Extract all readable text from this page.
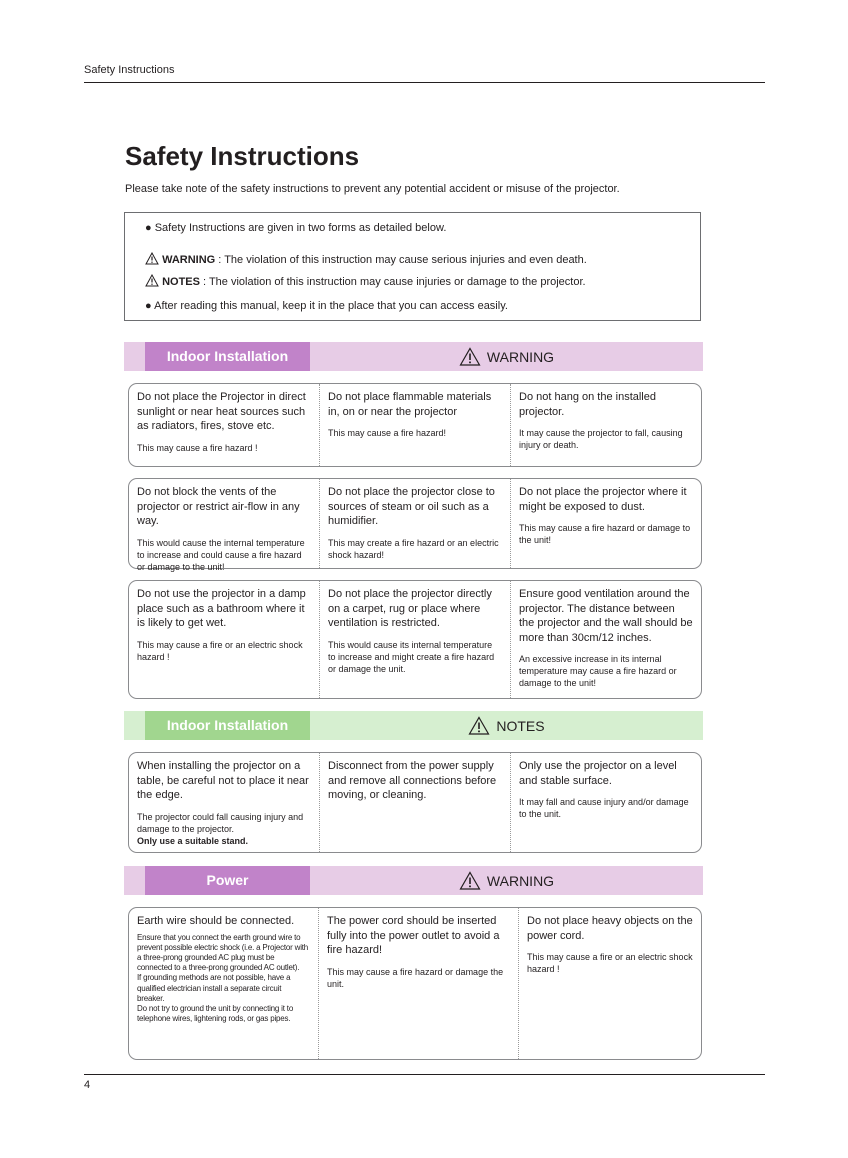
Safety Instructions
Safety Instructions
Please take note of the safety instructions to prevent any potential accident or misuse of the projector.
● Safety Instructions are given in two forms as detailed below.
WARNING : The violation of this instruction may cause serious injuries and even death.
NOTES : The violation of this instruction may cause injuries or damage to the projector.
● After reading this manual, keep it in the place that you can access easily.
Indoor Installation	WARNING

Do not place the Projector in direct sunlight or near heat sources such as radiators, fires, stove etc.

This may cause a fire hazard !

Do not place flammable materials in, on or near the projector

This may cause a fire hazard!

Do not hang on the installed projector.

It may cause the projector to fall, causing injury or death.

Do not block the vents of the projector or restrict air-flow in any way.

This would cause the internal temperature to increase and could cause a fire hazard or damage to the unit!

Do not place the projector close to sources of steam or oil such as a humidifier.

This may create a fire hazard or an electric shock hazard!

Do not place the projector where it might be exposed to dust.

This may cause a fire hazard or damage to the unit!

Do not use the projector in a damp place such as a bathroom where it is likely to get wet.

This may cause a fire or an electric shock hazard !

Do not place the projector directly on a carpet, rug or place where ventilation is restricted.

This would cause its internal temperature to increase and might create a fire hazard or damage the unit.

Ensure good ventilation around the projector. The distance between the projector and the wall should be more than 30cm/12 inches.

An excessive increase in its internal temperature may cause a fire hazard or damage to the unit!

Indoor Installation	NOTES

When installing the projector on a table, be careful not to place it near the edge.

The projector could fall causing injury and damage to the projector.

Only use a suitable stand.

Disconnect from the power supply and remove all connections before moving, or cleaning.

Only use the projector on a level and stable surface.

It may fall and cause injury and/or damage to the unit.

Power	WARNING

Earth wire should be connected.

Ensure that you connect the earth ground wire to prevent possible electric shock (i.e. a Projector with a three-prong grounded AC plug must be connected to a three-prong grounded AC outlet).
If grounding methods are not possible, have a qualified electrician install a separate circuit breaker.
Do not try to ground the unit by connecting it to telephone wires, lightening rods, or gas pipes.

The power cord should be inserted fully into the power outlet to avoid a fire hazard!

This may cause a fire hazard or damage the unit.

Do not place heavy objects on the power cord.

This may cause a fire or an electric shock hazard !

4
